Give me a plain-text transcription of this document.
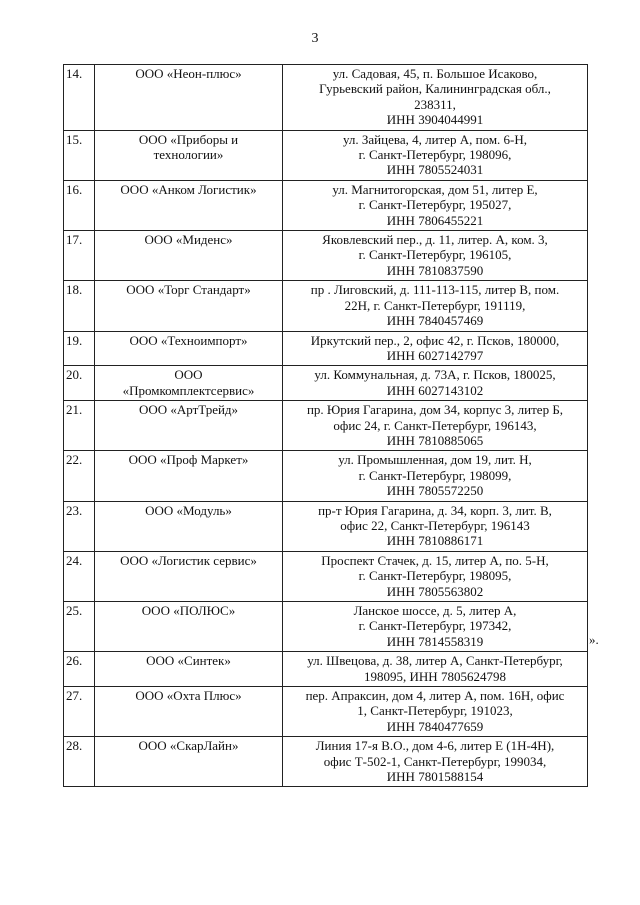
3
14.	ООО «Неон-плюс»	ул. Садовая, 45, п. Большое Исаково,
Гурьевский район, Калининградская обл.,
238311,
ИНН 3904044991

15.	ООО «Приборы и
технологии»	ул. Зайцева, 4, литер А, пом. 6-Н,
г. Санкт-Петербург, 198096,
ИНН 7805524031

16.	ООО «Анком Логистик»	ул. Магнитогорская, дом 51, литер Е,
г. Санкт-Петербург, 195027,
ИНН 7806455221

17.	ООО «Миденс»	Яковлевский пер., д. 11, литер. А, ком. 3,
г. Санкт-Петербург, 196105,
ИНН 7810837590

18.	ООО «Торг Стандарт»	пр . Лиговский, д. 111-113-115, литер В, пом.
22Н, г. Санкт-Петербург, 191119,
ИНН 7840457469

19.	ООО «Техноимпорт»	Иркутский пер., 2, офис 42, г. Псков, 180000,
ИНН 6027142797

20.	ООО
«Промкомплектсервис»	ул. Коммунальная, д. 73А, г. Псков, 180025,
ИНН 6027143102

21.	ООО «АртТрейд»	пр. Юрия Гагарина, дом 34, корпус 3, литер Б,
офис 24, г. Санкт-Петербург, 196143,
ИНН 7810885065

22.	ООО «Проф Маркет»	ул. Промышленная, дом 19, лит. Н,
г. Санкт-Петербург, 198099,
ИНН 7805572250

23.	ООО «Модуль»	пр-т Юрия Гагарина, д. 34, корп. 3, лит. В,
офис 22, Санкт-Петербург, 196143
ИНН 7810886171

24.	ООО «Логистик сервис»	Проспект Стачек, д. 15, литер А, по. 5-Н,
г. Санкт-Петербург, 198095,
ИНН 7805563802

25.	ООО «ПОЛЮС»	Ланское шоссе, д. 5, литер А,
г. Санкт-Петербург, 197342,
ИНН 7814558319

26.	ООО «Синтек»	ул. Швецова, д. 38, литер А, Санкт-Петербург,
198095, ИНН 7805624798

27.	ООО «Охта Плюс»	пер. Апраксин, дом 4, литер А, пом. 16Н, офис
1, Санкт-Петербург, 191023,
ИНН 7840477659

28.	ООО «СкарЛайн»	Линия 17-я В.О., дом 4-6, литер Е (1Н-4Н),
офис Т-502-1, Санкт-Петербург, 199034,
ИНН 7801588154
».
